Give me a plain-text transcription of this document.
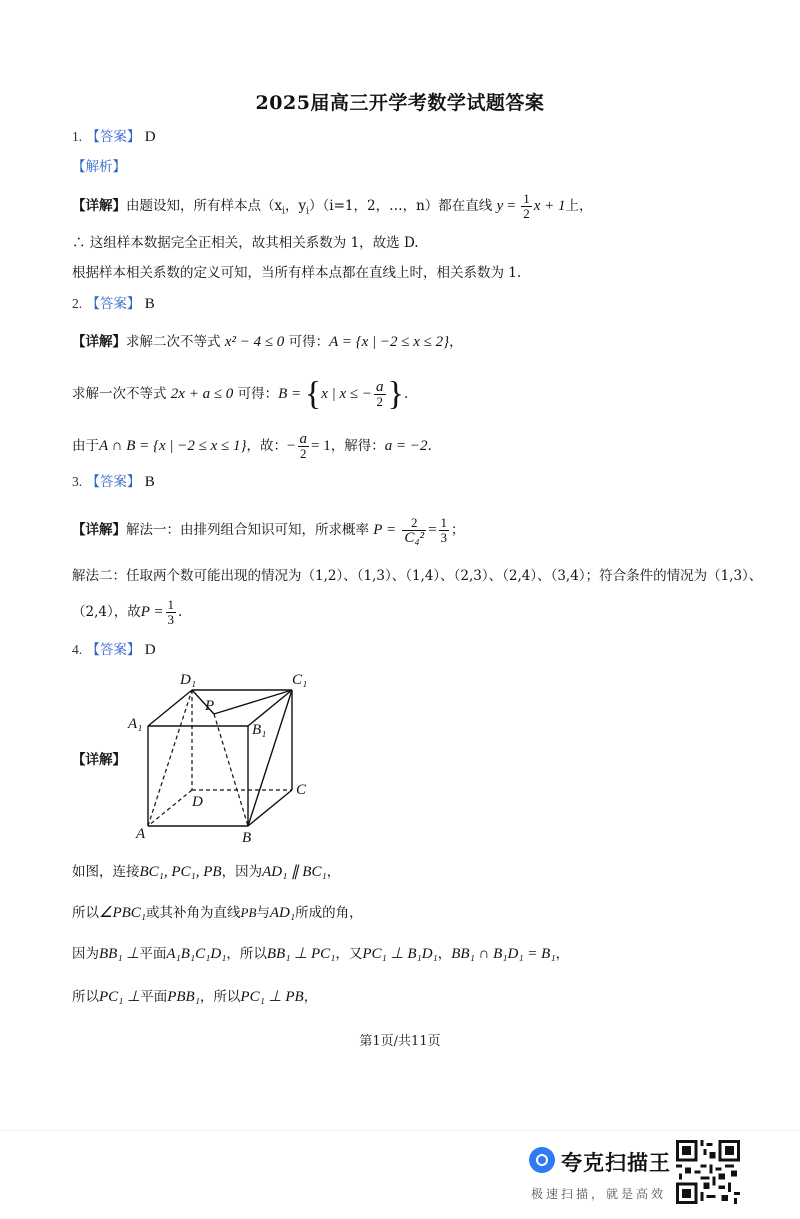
2025届高三开学考数学试题答案
1. 【答案】 D
【解析】
【详解】由题设知，所有样本点（$x_i$，$y_i)(i=1$，2，…，n）都在直线 $y = \frac{1}{2}$ x + 1上，
∴ 这组样本数据完全正相关，故其相关系数为 1，故选 D.
根据样本相关系数的定义可知，当所有样本点都在直线上时，相关系数为 1.
2. 【答案】 B
【详解】求解二次不等式 x² − 4 ≤ 0 可得：A = {x | −2 ≤ x ≤ 2}，
求解一次不等式 2x + a ≤ 0 可得：B = {x | x ≤ − $\frac{a}{2}$ }.
由于A ∩ B = {x | −2 ≤ x ≤ 1}，故：− $\frac{a}{2} = 1$，解得：a = −2.
3. 【答案】 B
【详解】解法一：由排列组合知识可知，所求概率 $P = \frac{2}{\text{C₄²}} = \frac{1}{3}$ ；
解法二：任取两个数可能出现的情况为（1,2）、（1,3）、（1,4）、（2,3）、（2,4）、（3,4）；符合条件的情况为（1,3）、
（2,4），故$P = \frac{1}{3}$ .
4. 【答案】 D
【详解】
D₁	C₁
A₁	B₁
P
D
C
A	B
如图，连接BC₁, PC₁, PB，因为AD₁ ∥ BC₁，
所以∠PBC₁或其补角为直线PB与AD₁所成的角，
因为BB₁ ⊥平面A₁B₁C₁D₁，所以BB₁ ⊥ PC₁，又PC₁ ⊥ B₁D₁，BB₁ ∩ B₁D₁ = B₁，
所以PC₁ ⊥平面PBB₁，所以PC₁ ⊥ PB，
第1页/共11页
夸克扫描王
极速扫描，就是高效
